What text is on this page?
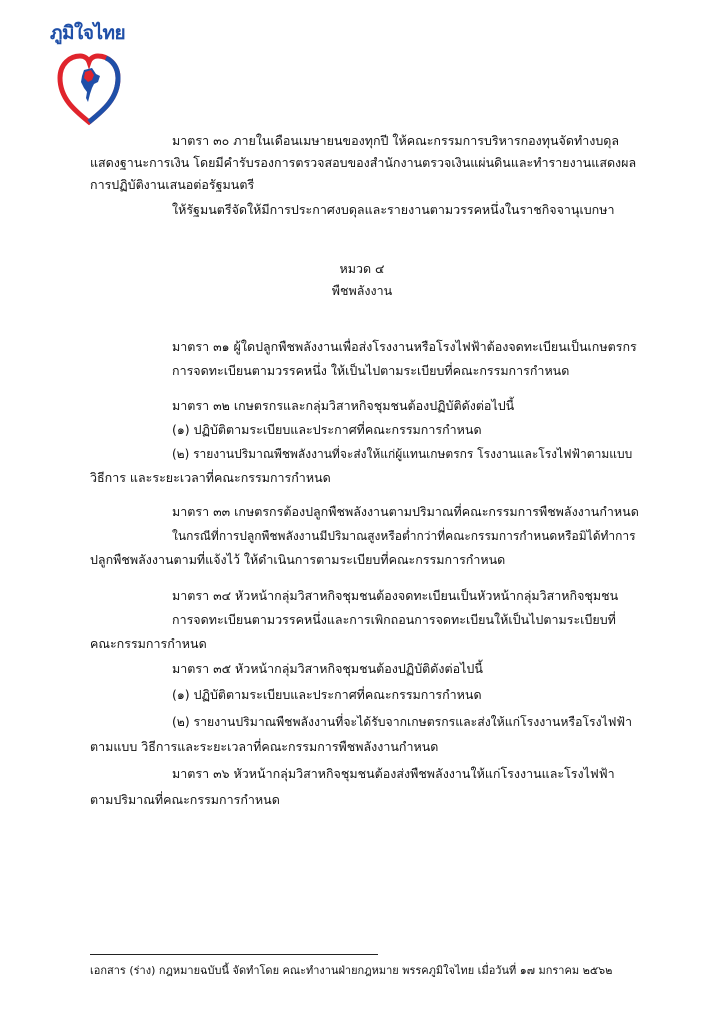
ภูมิใจไทย
มาตรา ๓๐ ภายในเดือนเมษายนของทุกปี ให้คณะกรรมการบริหารกองทุนจัดทำงบดุล
แสดงฐานะการเงิน โดยมีคำรับรองการตรวจสอบของสำนักงานตรวจเงินแผ่นดินและทำรายงานแสดงผล
การปฏิบัติงานเสนอต่อรัฐมนตรี
ให้รัฐมนตรีจัดให้มีการประกาศงบดุลและรายงานตามวรรคหนึ่งในราชกิจจานุเบกษา
หมวด ๔
พืชพลังงาน
มาตรา ๓๑ ผู้ใดปลูกพืชพลังงานเพื่อส่งโรงงานหรือโรงไฟฟ้าต้องจดทะเบียนเป็นเกษตรกร
การจดทะเบียนตามวรรคหนึ่ง ให้เป็นไปตามระเบียบที่คณะกรรมการกำหนด
มาตรา ๓๒ เกษตรกรและกลุ่มวิสาหกิจชุมชนต้องปฏิบัติดังต่อไปนี้
(๑) ปฏิบัติตามระเบียบและประกาศที่คณะกรรมการกำหนด
(๒) รายงานปริมาณพืชพลังงานที่จะส่งให้แก่ผู้แทนเกษตรกร โรงงานและโรงไฟฟ้าตามแบบ
วิธีการ และระยะเวลาที่คณะกรรมการกำหนด
มาตรา ๓๓ เกษตรกรต้องปลูกพืชพลังงานตามปริมาณที่คณะกรรมการพืชพลังงานกำหนด
ในกรณีที่การปลูกพืชพลังงานมีปริมาณสูงหรือต่ำกว่าที่คณะกรรมการกำหนดหรือมิได้ทำการ
ปลูกพืชพลังงานตามที่แจ้งไว้ ให้ดำเนินการตามระเบียบที่คณะกรรมการกำหนด
มาตรา ๓๔ หัวหน้ากลุ่มวิสาหกิจชุมชนต้องจดทะเบียนเป็นหัวหน้ากลุ่มวิสาหกิจชุมชน
การจดทะเบียนตามวรรคหนึ่งและการเพิกถอนการจดทะเบียนให้เป็นไปตามระเบียบที่
คณะกรรมการกำหนด
มาตรา ๓๕ หัวหน้ากลุ่มวิสาหกิจชุมชนต้องปฏิบัติดังต่อไปนี้
(๑) ปฏิบัติตามระเบียบและประกาศที่คณะกรรมการกำหนด
(๒) รายงานปริมาณพืชพลังงานที่จะได้รับจากเกษตรกรและส่งให้แก่โรงงานหรือโรงไฟฟ้า
ตามแบบ วิธีการและระยะเวลาที่คณะกรรมการพืชพลังงานกำหนด
มาตรา ๓๖ หัวหน้ากลุ่มวิสาหกิจชุมชนต้องส่งพืชพลังงานให้แก่โรงงานและโรงไฟฟ้า
ตามปริมาณที่คณะกรรมการกำหนด
เอกสาร (ร่าง) กฎหมายฉบับนี้ จัดทำโดย คณะทำงานฝ่ายกฎหมาย พรรคภูมิใจไทย เมื่อวันที่ ๑๗ มกราคม ๒๕๖๒
